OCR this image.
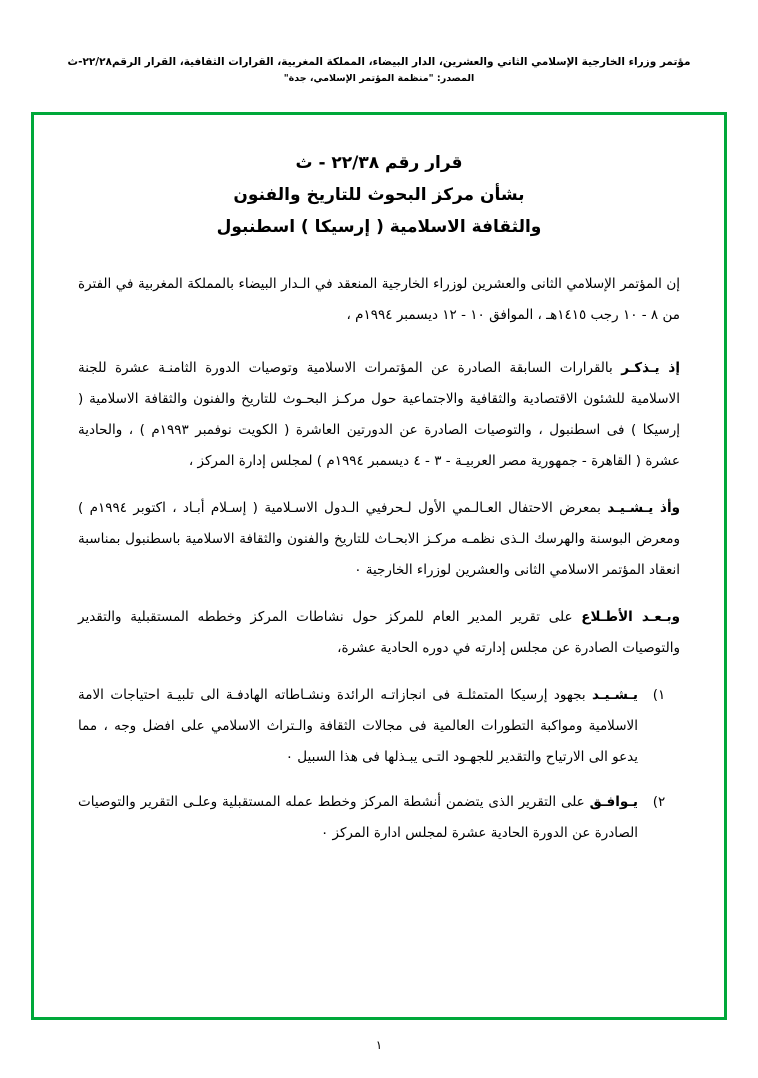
مؤتمر وزراء الخارجية الإسلامي الثاني والعشرين، الدار البيضاء، المملكة المغربية، القرارات الثقافية، القرار الرقم٢٢/٢٨-ث
المصدر: "منظمة المؤتمر الإسلامي، جدة"
قرار رقم ٢٢/٣٨ - ث
بشأن مركز البحوث للتاريخ والفنون
والثقافة الاسلامية ( إرسيكا ) اسطنبول

إن المؤتمر الإسلامي الثانى والعشرين لوزراء الخارجية المنعقد في الـدار البيضاء بالمملكة المغربية في الفترة من ٨ - ١٠ رجب ١٤١٥هـ ، الموافق ١٠ - ١٢ ديسمبر ١٩٩٤م ،

إذ يـذكـر بالقرارات السابقة الصادرة عن المؤتمرات الاسلامية وتوصيات الدورة الثامنـة عشرة للجنة الاسلامية للشئون الاقتصادية والثقافية والاجتماعية حول مركـز البحـوث للتاريخ والفنون والثقافة الاسلامية ( إرسيكا ) فى اسطنبول ، والتوصيات الصادرة عن الدورتين العاشرة ( الكويت نوفمبر ١٩٩٣م ) ، والحادية عشرة ( القاهرة - جمهورية مصر العربيـة - ٣ - ٤ ديسمبر ١٩٩٤م ) لمجلس إدارة المركز ،

وأذ يـشـيـد بمعرض الاحتفال العـالـمي الأول لـحرفيي الـدول الاسـلامية ( إسـلام أبـاد ، اكتوبر ١٩٩٤م ) ومعرض البوسنة والهرسك الـذى نظمـه مركـز الابحـاث للتاريخ والفنون والثقافة الاسلامية باسطنبول بمناسبة انعقاد المؤتمر الاسلامي الثانى والعشرين لوزراء الخارجية ٠

وبـعـد الأطـلاع على تقرير المدير العام للمركز حول نشاطات المركز وخططه المستقبلية والتقدير والتوصيات الصادرة عن مجلس إدارته في دوره الحادية عشرة،

١)
يـشـيـد بجهود إرسيكا المتمثلـة فى انجازاتـه الرائدة ونشـاطاته الهادفـة الى تلبيـة احتياجات الامة الاسلامية ومواكبة التطورات العالمية فى مجالات الثقافة والـتراث الاسلامي على افضل وجه ، مما يدعو الى الارتياح والتقدير للجهـود التـى يبـذلها فى هذا السبيل ٠
٢)
يـوافـق على التقرير الذى يتضمن أنشطة المركز وخطط عمله المستقبلية وعلـى التقرير والتوصيات الصادرة عن الدورة الحادية عشرة لمجلس ادارة المركز ٠
١
